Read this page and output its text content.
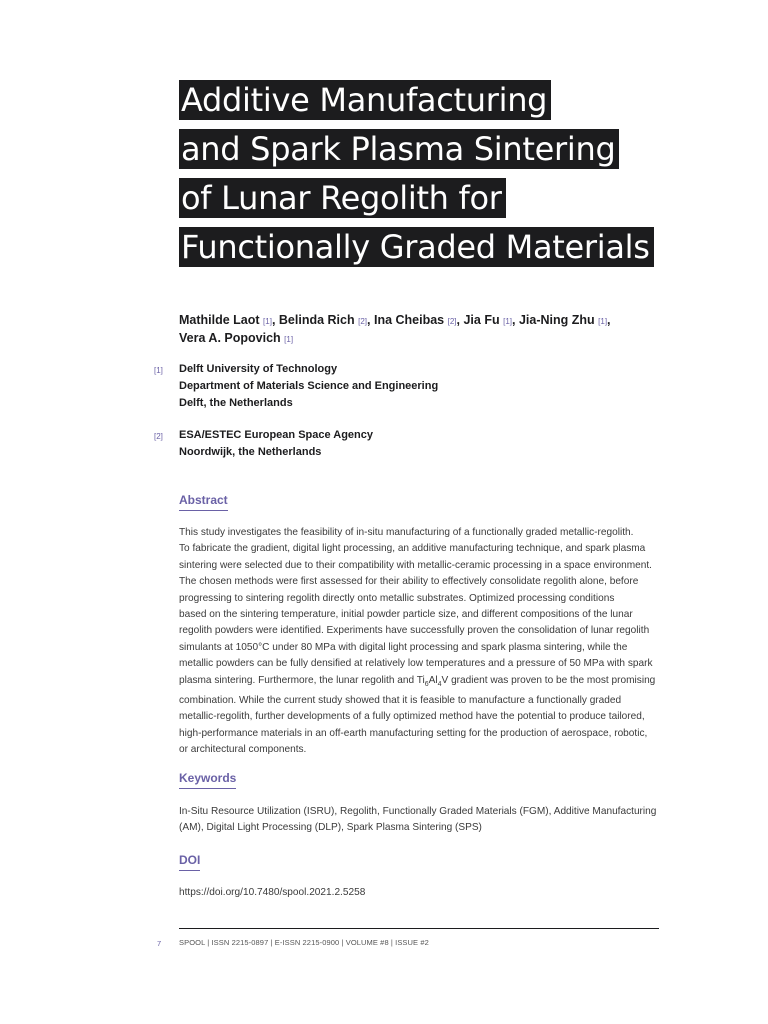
Additive Manufacturing
and Spark Plasma Sintering
of Lunar Regolith for
Functionally Graded Materials
Mathilde Laot [1], Belinda Rich [2], Ina Cheibas [2], Jia Fu [1], Jia-Ning Zhu [1],
Vera A. Popovich [1]
[1] Delft University of Technology
Department of Materials Science and Engineering
Delft, the Netherlands
[2] ESA/ESTEC European Space Agency
Noordwijk, the Netherlands
Abstract

This study investigates the feasibility of in-situ manufacturing of a functionally graded metallic-regolith.

To fabricate the gradient, digital light processing, an additive manufacturing technique, and spark plasma

sintering were selected due to their compatibility with metallic-ceramic processing in a space environment.

The chosen methods were first assessed for their ability to effectively consolidate regolith alone, before

progressing to sintering regolith directly onto metallic substrates. Optimized processing conditions

based on the sintering temperature, initial powder particle size, and different compositions of the lunar

regolith powders were identified. Experiments have successfully proven the consolidation of lunar regolith

simulants at 1050°C under 80 MPa with digital light processing and spark plasma sintering, while the

metallic powders can be fully densified at relatively low temperatures and a pressure of 50 MPa with spark

plasma sintering. Furthermore, the lunar regolith and $Ti_6Al_4V$ gradient was proven to be the most promising

combination. While the current study showed that it is feasible to manufacture a functionally graded

metallic-regolith, further developments of a fully optimized method have the potential to produce tailored,

high-performance materials in an off-earth manufacturing setting for the production of aerospace, robotic,

or architectural components.

Keywords

In-Situ Resource Utilization (ISRU), Regolith, Functionally Graded Materials (FGM), Additive Manufacturing

(AM), Digital Light Processing (DLP), Spark Plasma Sintering (SPS)

DOI
https://doi.org/10.7480/spool.2021.2.5258
7 SPOOL | ISSN 2215-0897 | E-ISSN 2215-0900 | VOLUME #8 | ISSUE #2
